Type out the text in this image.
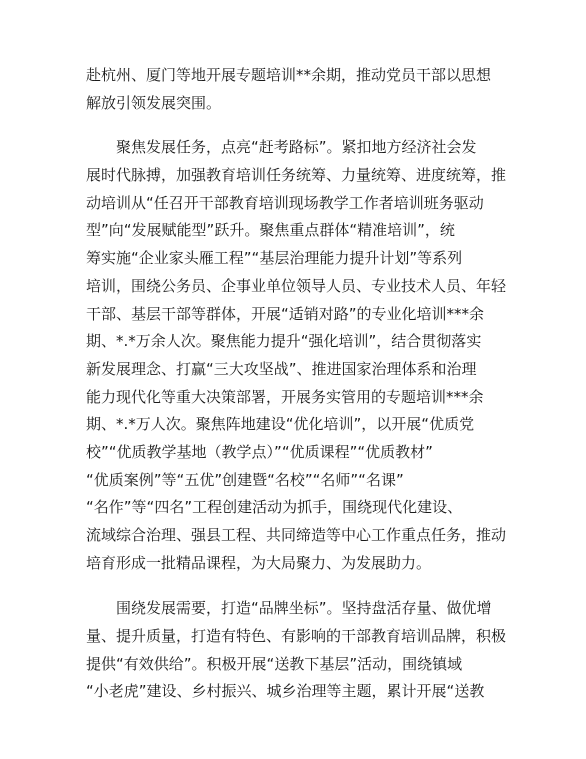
赴杭州、厦门等地开展专题培训**余期，推动党员干部以思想
解放引领发展突围。
聚焦发展任务，点亮“赶考路标”。紧扣地方经济社会发
展时代脉搏，加强教育培训任务统筹、力量统筹、进度统筹，推
动培训从“任召开干部教育培训现场教学工作者培训班务驱动
型”向“发展赋能型”跃升。聚焦重点群体“精准培训”，统
筹实施“企业家头雁工程”“基层治理能力提升计划”等系列
培训，围绕公务员、企事业单位领导人员、专业技术人员、年轻
干部、基层干部等群体，开展“适销对路”的专业化培训***余
期、*.*万余人次。聚焦能力提升“强化培训”，结合贯彻落实
新发展理念、打赢“三大攻坚战”、推进国家治理体系和治理
能力现代化等重大决策部署，开展务实管用的专题培训***余
期、*.*万人次。聚焦阵地建设“优化培训”，以开展“优质党
校”“优质教学基地（教学点）”“优质课程”“优质教材”
“优质案例”等“五优”创建暨“名校”“名师”“名课”
“名作”等“四名”工程创建活动为抓手，围绕现代化建设、
流域综合治理、强县工程、共同缔造等中心工作重点任务，推动
培育形成一批精品课程，为大局聚力、为发展助力。
围绕发展需要，打造“品牌坐标”。坚持盘活存量、做优增
量、提升质量，打造有特色、有影响的干部教育培训品牌，积极
提供“有效供给”。积极开展“送教下基层”活动，围绕镇域
“小老虎”建设、乡村振兴、城乡治理等主题，累计开展“送教
